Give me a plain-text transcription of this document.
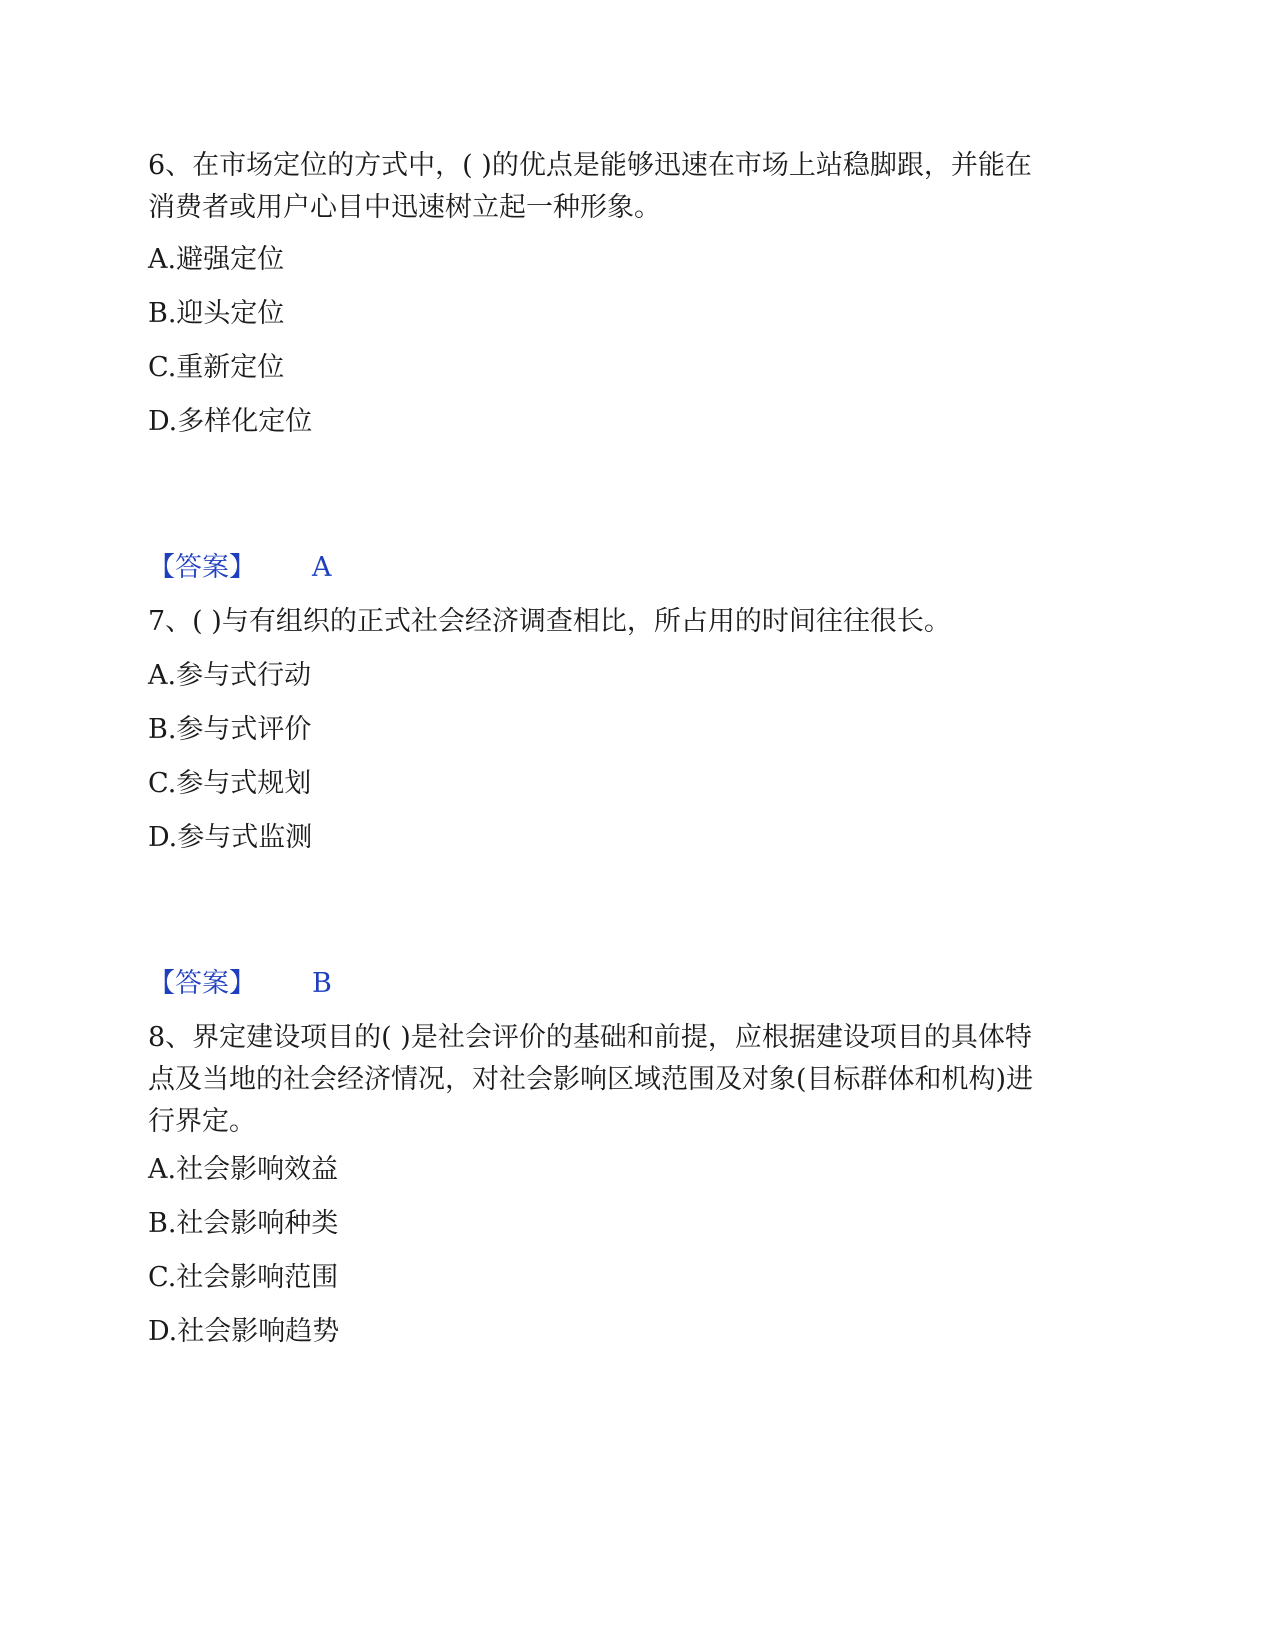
6、在市场定位的方式中，( )的优点是能够迅速在市场上站稳脚跟，并能在
消费者或用户心目中迅速树立起一种形象。
A.避强定位
B.迎头定位
C.重新定位
D.多样化定位
【答案】 A
7、( )与有组织的正式社会经济调查相比，所占用的时间往往很长。
A.参与式行动
B.参与式评价
C.参与式规划
D.参与式监测
【答案】 B
8、界定建设项目的( )是社会评价的基础和前提，应根据建设项目的具体特
点及当地的社会经济情况，对社会影响区域范围及对象(目标群体和机构)进
行界定。
A.社会影响效益
B.社会影响种类
C.社会影响范围
D.社会影响趋势
